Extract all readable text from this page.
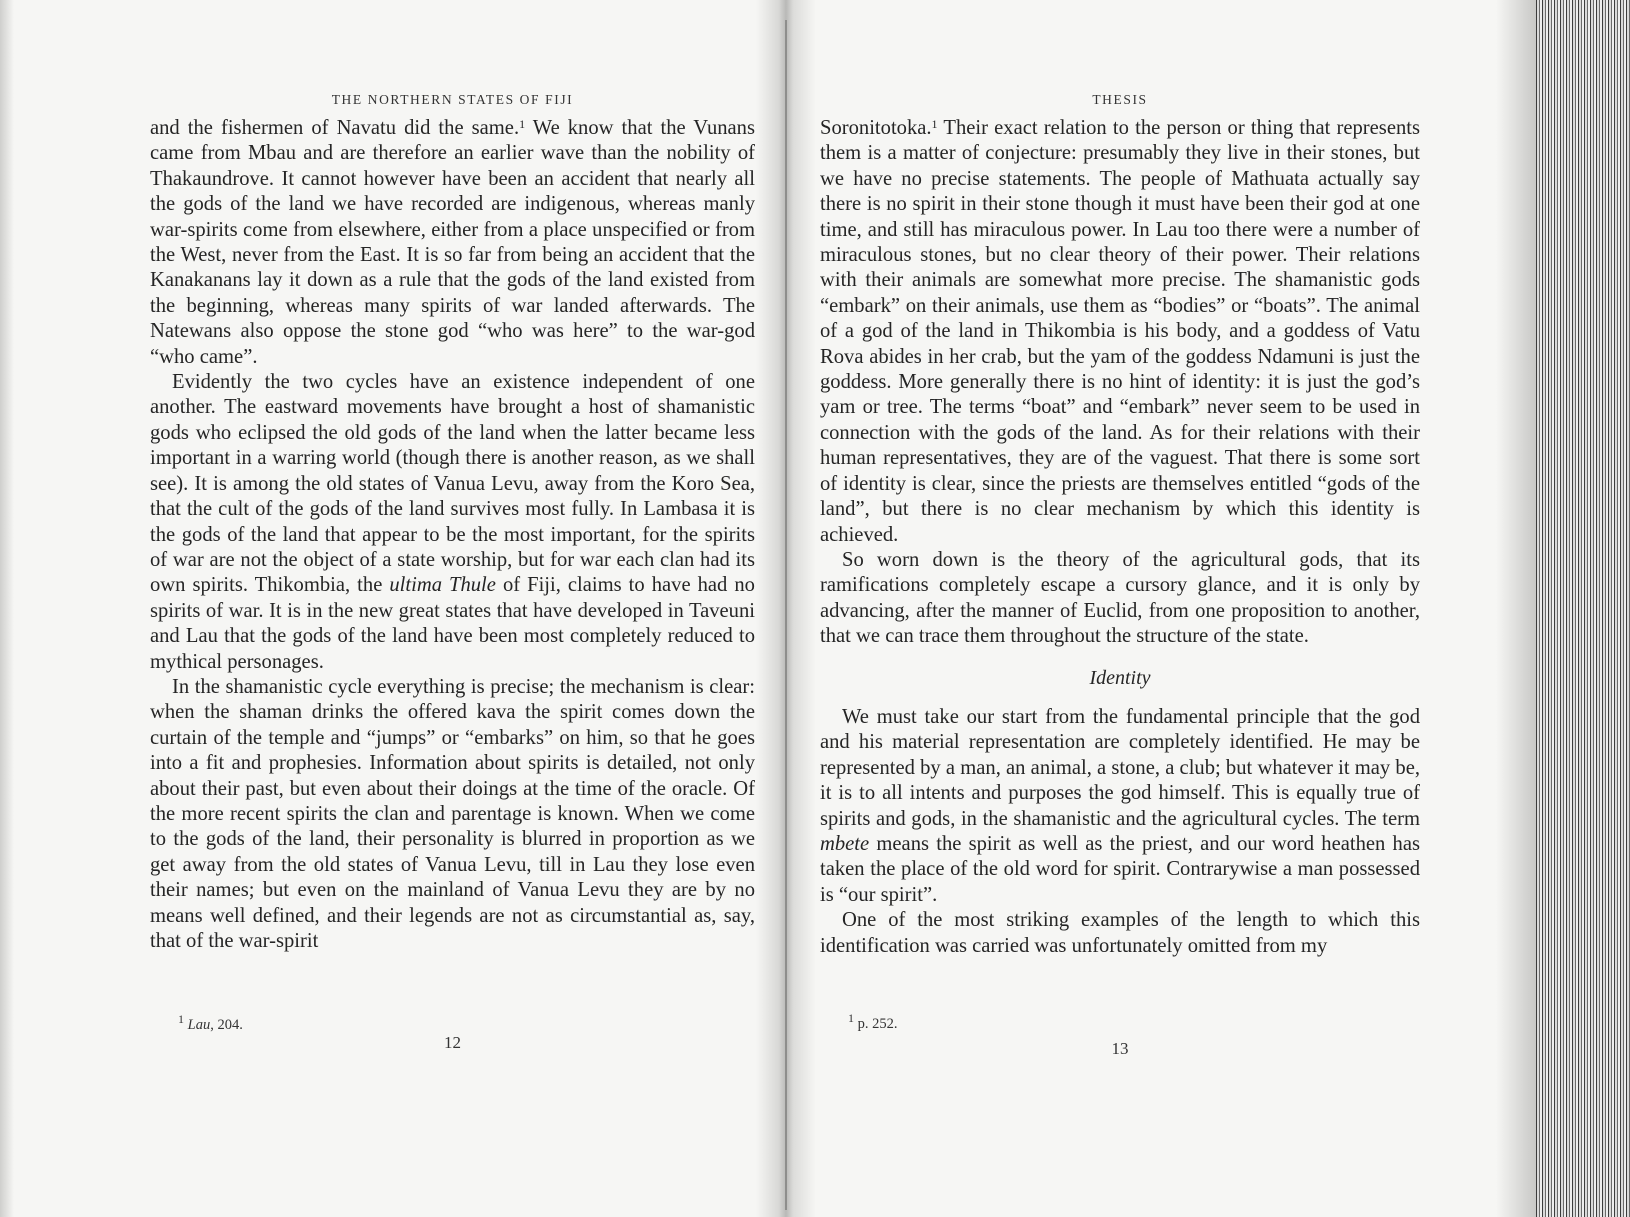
THE NORTHERN STATES OF FIJI

and the fishermen of Navatu did the same.$^1$ We know that the Vunans came from Mbau and are therefore an earlier wave than the nobility of Thakaundrove. It cannot however have been an accident that nearly all the gods of the land we have recorded are indigenous, whereas manly war-spirits come from elsewhere, either from a place unspecified or from the West, never from the East. It is so far from being an accident that the Kanakanans lay it down as a rule that the gods of the land existed from the beginning, whereas many spirits of war landed afterwards. The Natewans also oppose the stone god “who was here” to the war-god “who came”.

Evidently the two cycles have an existence independent of one another. The eastward movements have brought a host of shamanistic gods who eclipsed the old gods of the land when the latter became less important in a warring world (though there is another reason, as we shall see). It is among the old states of Vanua Levu, away from the Koro Sea, that the cult of the gods of the land survives most fully. In Lambasa it is the gods of the land that appear to be the most important, for the spirits of war are not the object of a state worship, but for war each clan had its own spirits. Thikombia, the ultima Thule of Fiji, claims to have had no spirits of war. It is in the new great states that have developed in Taveuni and Lau that the gods of the land have been most completely reduced to mythical personages.

In the shamanistic cycle everything is precise; the mechanism is clear: when the shaman drinks the offered kava the spirit comes down the curtain of the temple and “jumps” or “embarks” on him, so that he goes into a fit and prophesies. Information about spirits is detailed, not only about their past, but even about their doings at the time of the oracle. Of the more recent spirits the clan and parentage is known. When we come to the gods of the land, their personality is blurred in proportion as we get away from the old states of Vanua Levu, till in Lau they lose even their names; but even on the mainland of Vanua Levu they are by no means well defined, and their legends are not as circumstantial as, say, that of the war-spirit

$^1$ Lau, 204.
12
THESIS

Soronitotoka.$^1$ Their exact relation to the person or thing that represents them is a matter of conjecture: presumably they live in their stones, but we have no precise statements. The people of Mathuata actually say there is no spirit in their stone though it must have been their god at one time, and still has miraculous power. In Lau too there were a number of miraculous stones, but no clear theory of their power. Their relations with their animals are somewhat more precise. The shamanistic gods “embark” on their animals, use them as “bodies” or “boats”. The animal of a god of the land in Thikombia is his body, and a goddess of Vatu Rova abides in her crab, but the yam of the goddess Ndamuni is just the goddess. More generally there is no hint of identity: it is just the god’s yam or tree. The terms “boat” and “embark” never seem to be used in connection with the gods of the land. As for their relations with their human representatives, they are of the vaguest. That there is some sort of identity is clear, since the priests are themselves entitled “gods of the land”, but there is no clear mechanism by which this identity is achieved.

So worn down is the theory of the agricultural gods, that its ramifications completely escape a cursory glance, and it is only by advancing, after the manner of Euclid, from one proposition to another, that we can trace them throughout the structure of the state.

Identity

We must take our start from the fundamental principle that the god and his material representation are completely identified. He may be represented by a man, an animal, a stone, a club; but whatever it may be, it is to all intents and purposes the god himself. This is equally true of spirits and gods, in the shamanistic and the agricultural cycles. The term mbete means the spirit as well as the priest, and our word heathen has taken the place of the old word for spirit. Contrarywise a man possessed is “our spirit”.

One of the most striking examples of the length to which this identification was carried was unfortunately omitted from my

$^1$ p. 252.
13
